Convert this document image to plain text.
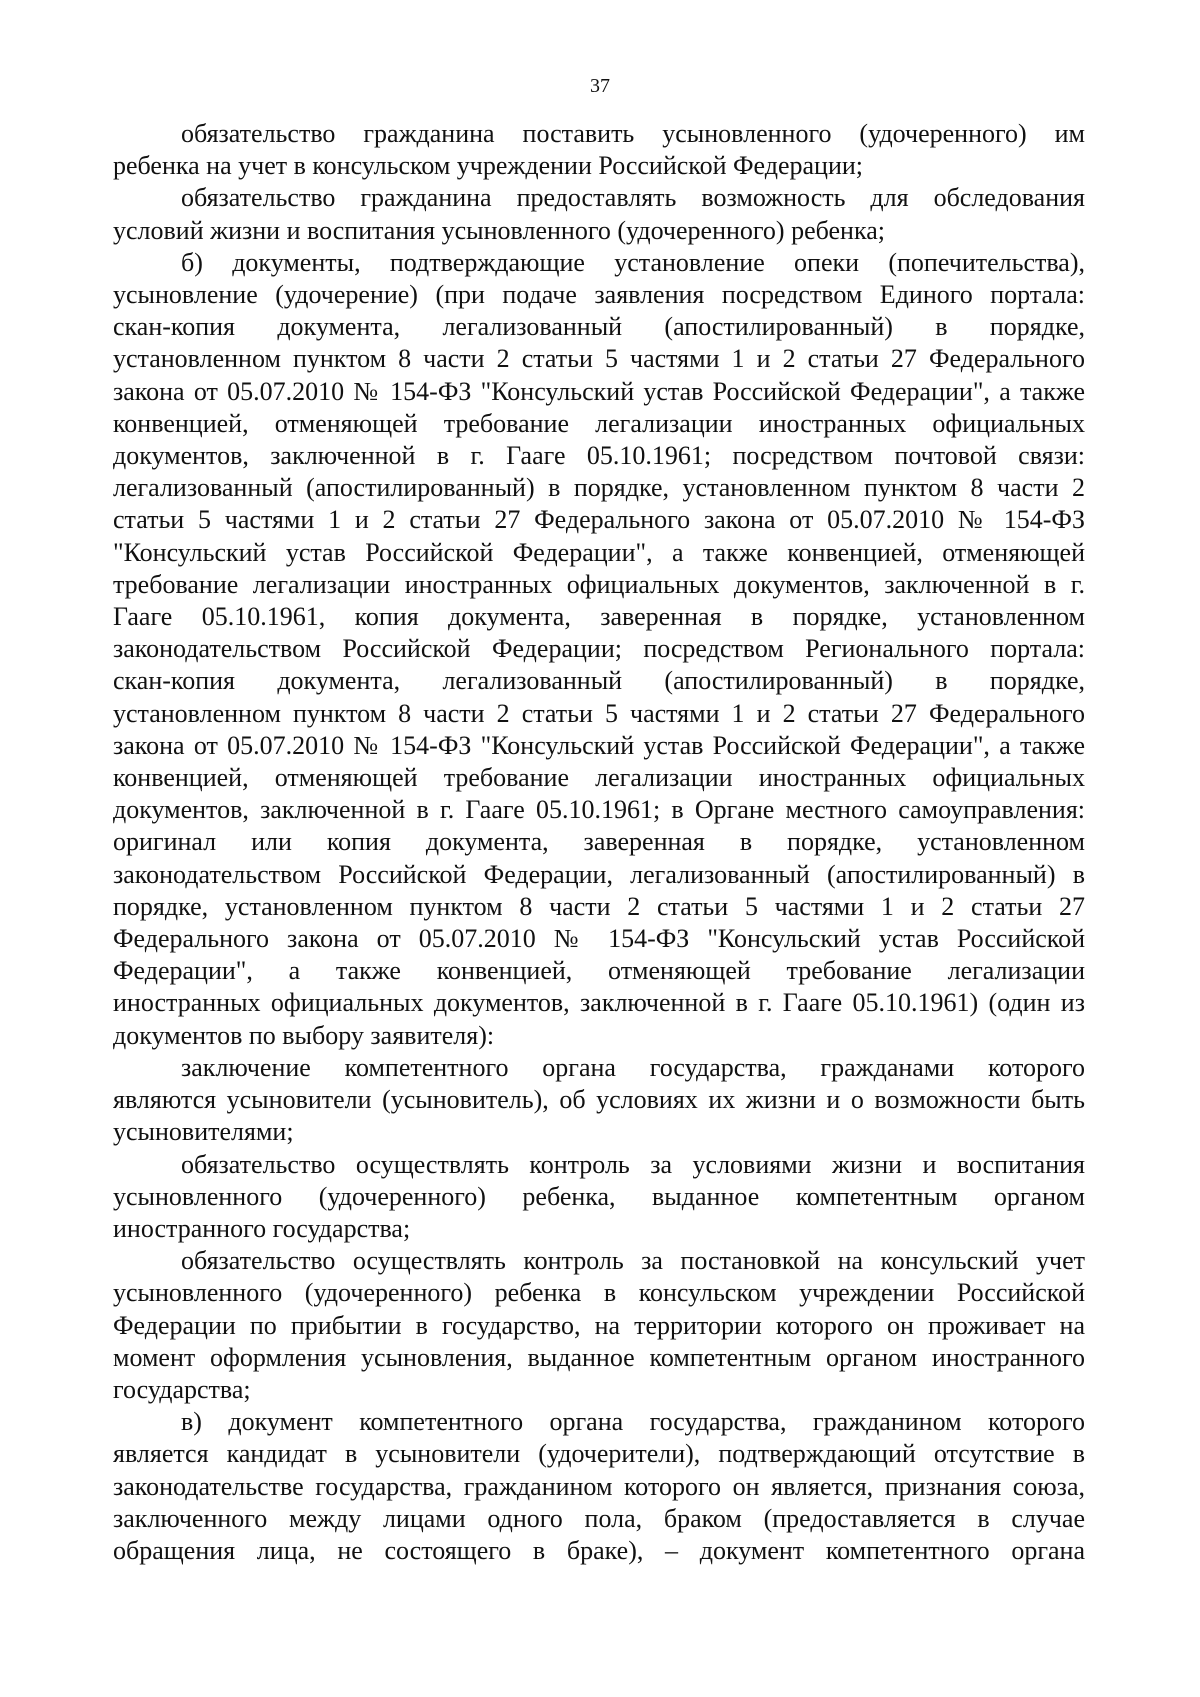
37
обязательство гражданина поставить усыновленного (удочеренного) им
ребенка на учет в консульском учреждении Российской Федерации;
обязательство гражданина предоставлять возможность для обследования
условий жизни и воспитания усыновленного (удочеренного) ребенка;
б) документы, подтверждающие установление опеки (попечительства),
усыновление (удочерение) (при подаче заявления посредством Единого портала:
скан-копия документа, легализованный (апостилированный) в порядке,
установленном пунктом 8 части 2 статьи 5 частями 1 и 2 статьи 27 Федерального
закона от 05.07.2010 № 154-ФЗ "Консульский устав Российской Федерации", а также
конвенцией, отменяющей требование легализации иностранных официальных
документов, заключенной в г. Гааге 05.10.1961; посредством почтовой связи:
легализованный (апостилированный) в порядке, установленном пунктом 8 части 2
статьи 5 частями 1 и 2 статьи 27 Федерального закона от 05.07.2010 № 154-ФЗ
"Консульский устав Российской Федерации", а также конвенцией, отменяющей
требование легализации иностранных официальных документов, заключенной в г.
Гааге 05.10.1961, копия документа, заверенная в порядке, установленном
законодательством Российской Федерации; посредством Регионального портала:
скан-копия документа, легализованный (апостилированный) в порядке,
установленном пунктом 8 части 2 статьи 5 частями 1 и 2 статьи 27 Федерального
закона от 05.07.2010 № 154-ФЗ "Консульский устав Российской Федерации", а также
конвенцией, отменяющей требование легализации иностранных официальных
документов, заключенной в г. Гааге 05.10.1961; в Органе местного самоуправления:
оригинал или копия документа, заверенная в порядке, установленном
законодательством Российской Федерации, легализованный (апостилированный) в
порядке, установленном пунктом 8 части 2 статьи 5 частями 1 и 2 статьи 27
Федерального закона от 05.07.2010 № 154-ФЗ "Консульский устав Российской
Федерации", а также конвенцией, отменяющей требование легализации
иностранных официальных документов, заключенной в г. Гааге 05.10.1961) (один из
документов по выбору заявителя):
заключение компетентного органа государства, гражданами которого
являются усыновители (усыновитель), об условиях их жизни и о возможности быть
усыновителями;
обязательство осуществлять контроль за условиями жизни и воспитания
усыновленного (удочеренного) ребенка, выданное компетентным органом
иностранного государства;
обязательство осуществлять контроль за постановкой на консульский учет
усыновленного (удочеренного) ребенка в консульском учреждении Российской
Федерации по прибытии в государство, на территории которого он проживает на
момент оформления усыновления, выданное компетентным органом иностранного
государства;
в) документ компетентного органа государства, гражданином которого
является кандидат в усыновители (удочерители), подтверждающий отсутствие в
законодательстве государства, гражданином которого он является, признания союза,
заключенного между лицами одного пола, браком (предоставляется в случае
обращения лица, не состоящего в браке), – документ компетентного органа
